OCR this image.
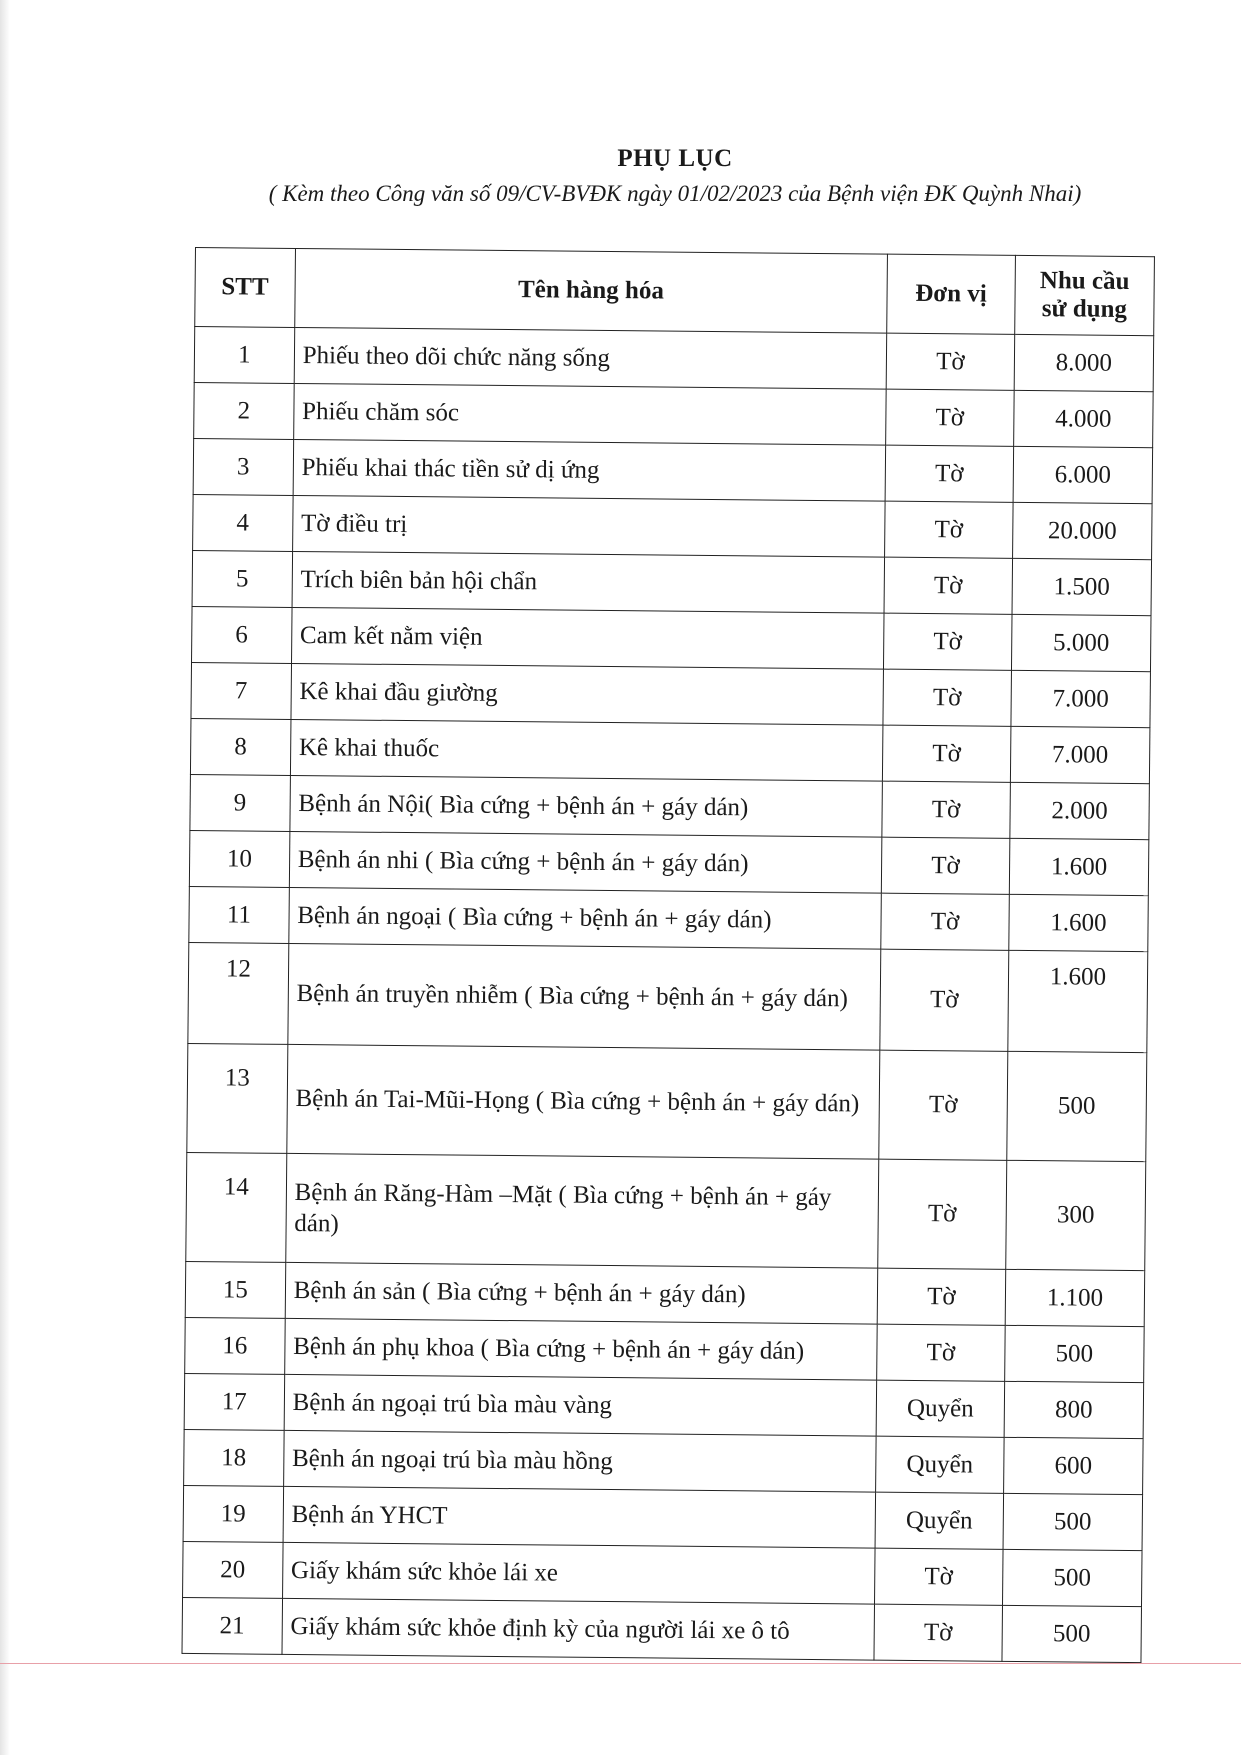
PHỤ LỤC
( Kèm theo Công văn số 09/CV-BVĐK ngày 01/02/2023 của Bệnh viện ĐK Quỳnh Nhai)
STT	Tên hàng hóa	Đơn vị	Nhu cầu
sử dụng
1	Phiếu theo dõi chức năng sống	Tờ	8.000
2	Phiếu chăm sóc	Tờ	4.000
3	Phiếu khai thác tiền sử dị ứng	Tờ	6.000
4	Tờ điều trị	Tờ	20.000
5	Trích biên bản hội chẩn	Tờ	1.500
6	Cam kết nằm viện	Tờ	5.000
7	Kê khai đầu giường	Tờ	7.000
8	Kê khai thuốc	Tờ	7.000
9	Bệnh án Nội( Bìa cứng + bệnh án + gáy dán)	Tờ	2.000
10	Bệnh án nhi ( Bìa cứng + bệnh án + gáy dán)	Tờ	1.600
11	Bệnh án ngoại ( Bìa cứng + bệnh án + gáy dán)	Tờ	1.600
12	Bệnh án truyền nhiễm ( Bìa cứng + bệnh án + gáy dán)	Tờ	1.600
13	Bệnh án Tai-Mũi-Họng ( Bìa cứng + bệnh án + gáy dán)	Tờ	500
14	Bệnh án Răng-Hàm –Mặt ( Bìa cứng + bệnh án + gáy dán)	Tờ	300
15	Bệnh án sản ( Bìa cứng + bệnh án + gáy dán)	Tờ	1.100
16	Bệnh án phụ khoa ( Bìa cứng + bệnh án + gáy dán)	Tờ	500
17	Bệnh án ngoại trú bìa màu vàng	Quyển	800
18	Bệnh án ngoại trú bìa màu hồng	Quyển	600
19	Bệnh án YHCT	Quyển	500
20	Giấy khám sức khỏe lái xe	Tờ	500
21	Giấy khám sức khỏe định kỳ của người lái xe ô tô	Tờ	500
